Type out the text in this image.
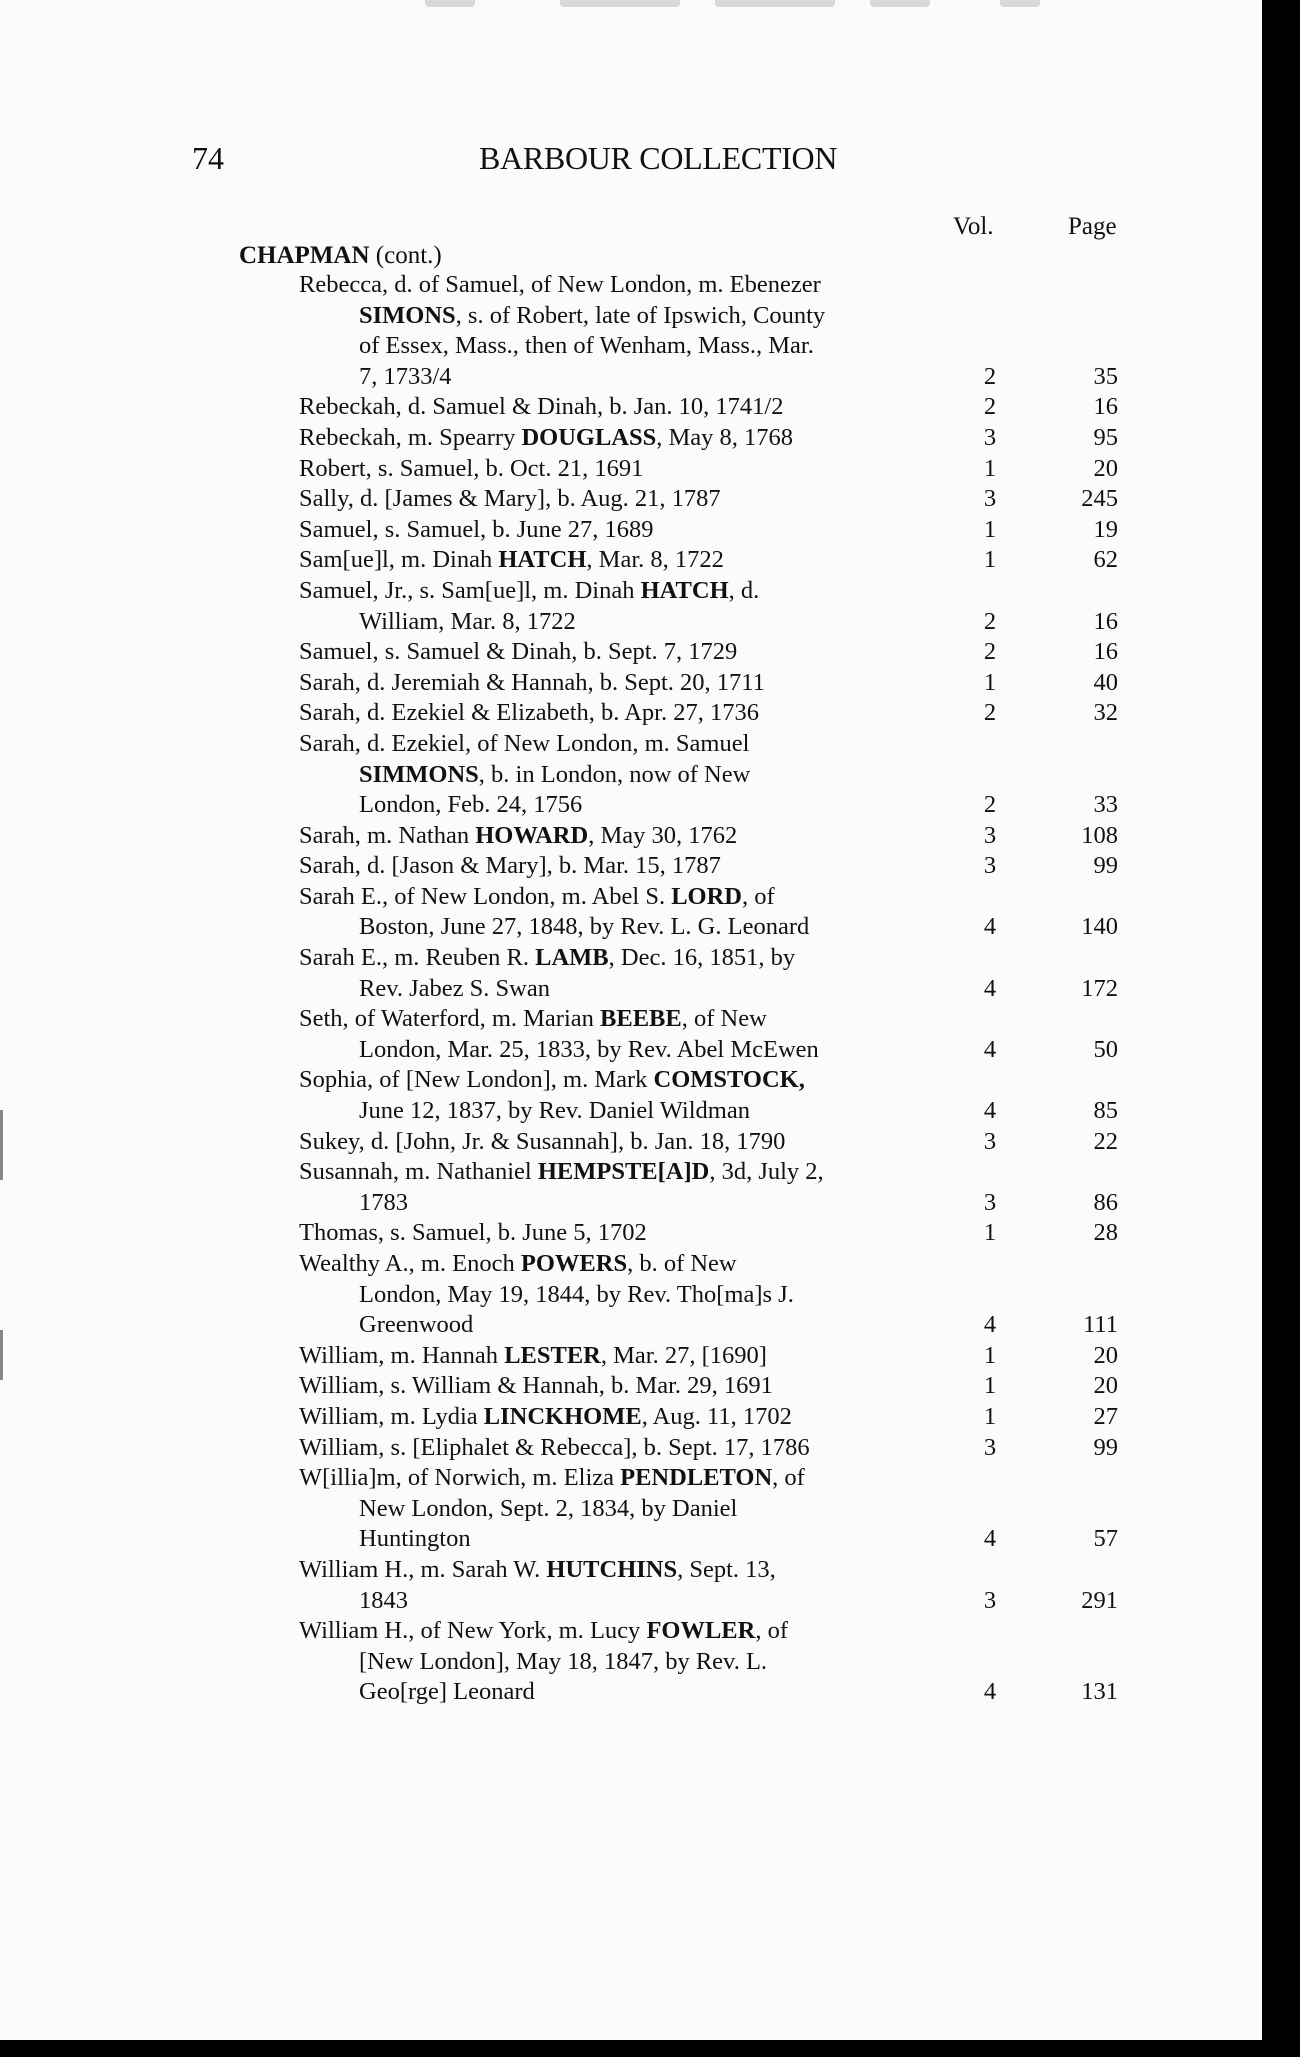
74	BARBOUR COLLECTION
Vol.	Page
CHAPMAN (cont.)
Rebecca, d. of Samuel, of New London, m. Ebenezer
SIMONS, s. of Robert, late of Ipswich, County
of Essex, Mass., then of Wenham, Mass., Mar.
7, 1733/4	2	35
Rebeckah, d. Samuel & Dinah, b. Jan. 10, 1741/2	2	16
Rebeckah, m. Spearry DOUGLASS, May 8, 1768	3	95
Robert, s. Samuel, b. Oct. 21, 1691	1	20
Sally, d. [James & Mary], b. Aug. 21, 1787	3	245
Samuel, s. Samuel, b. June 27, 1689	1	19
Sam[ue]l, m. Dinah HATCH, Mar. 8, 1722	1	62
Samuel, Jr., s. Sam[ue]l, m. Dinah HATCH, d.
William, Mar. 8, 1722	2	16
Samuel, s. Samuel & Dinah, b. Sept. 7, 1729	2	16
Sarah, d. Jeremiah & Hannah, b. Sept. 20, 1711	1	40
Sarah, d. Ezekiel & Elizabeth, b. Apr. 27, 1736	2	32
Sarah, d. Ezekiel, of New London, m. Samuel
SIMMONS, b. in London, now of New
London, Feb. 24, 1756	2	33
Sarah, m. Nathan HOWARD, May 30, 1762	3	108
Sarah, d. [Jason & Mary], b. Mar. 15, 1787	3	99
Sarah E., of New London, m. Abel S. LORD, of
Boston, June 27, 1848, by Rev. L. G. Leonard	4	140
Sarah E., m. Reuben R. LAMB, Dec. 16, 1851, by
Rev. Jabez S. Swan	4	172
Seth, of Waterford, m. Marian BEEBE, of New
London, Mar. 25, 1833, by Rev. Abel McEwen	4	50
Sophia, of [New London], m. Mark COMSTOCK,
June 12, 1837, by Rev. Daniel Wildman	4	85
Sukey, d. [John, Jr. & Susannah], b. Jan. 18, 1790	3	22
Susannah, m. Nathaniel HEMPSTE[A]D, 3d, July 2,
1783	3	86
Thomas, s. Samuel, b. June 5, 1702	1	28
Wealthy A., m. Enoch POWERS, b. of New
London, May 19, 1844, by Rev. Tho[ma]s J.
Greenwood	4	111
William, m. Hannah LESTER, Mar. 27, [1690]	1	20
William, s. William & Hannah, b. Mar. 29, 1691	1	20
William, m. Lydia LINCKHOME, Aug. 11, 1702	1	27
William, s. [Eliphalet & Rebecca], b. Sept. 17, 1786	3	99
W[illia]m, of Norwich, m. Eliza PENDLETON, of
New London, Sept. 2, 1834, by Daniel
Huntington	4	57
William H., m. Sarah W. HUTCHINS, Sept. 13,
1843	3	291
William H., of New York, m. Lucy FOWLER, of
[New London], May 18, 1847, by Rev. L.
Geo[rge] Leonard	4	131
